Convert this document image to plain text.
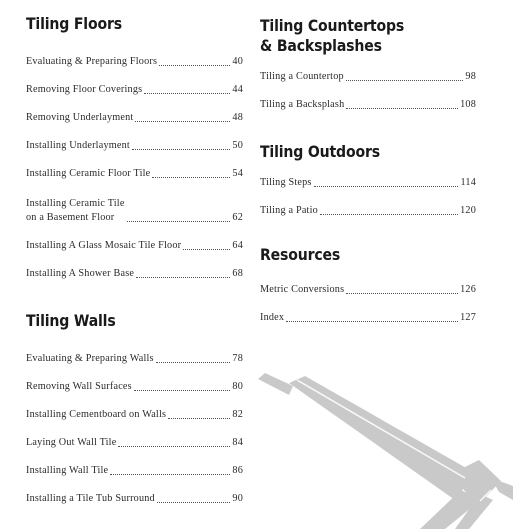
Tiling Floors
Evaluating & Preparing Floors	40
Removing Floor Coverings	44
Removing Underlayment	48
Installing Underlayment	50
Installing Ceramic Floor Tile	54
Installing Ceramic Tile
on a Basement Floor	62
Installing A Glass Mosaic Tile Floor	64
Installing A Shower Base	68
Tiling Walls
Evaluating & Preparing Walls	78
Removing Wall Surfaces	80
Installing Cementboard on Walls	82
Laying Out Wall Tile	84
Installing Wall Tile	86
Installing a Tile Tub Surround	90
Tiling Countertops
& Backsplashes
Tiling a Countertop	98
Tiling a Backsplash	108
Tiling Outdoors
Tiling Steps	114
Tiling a Patio	120
Resources
Metric Conversions	126
Index	127
